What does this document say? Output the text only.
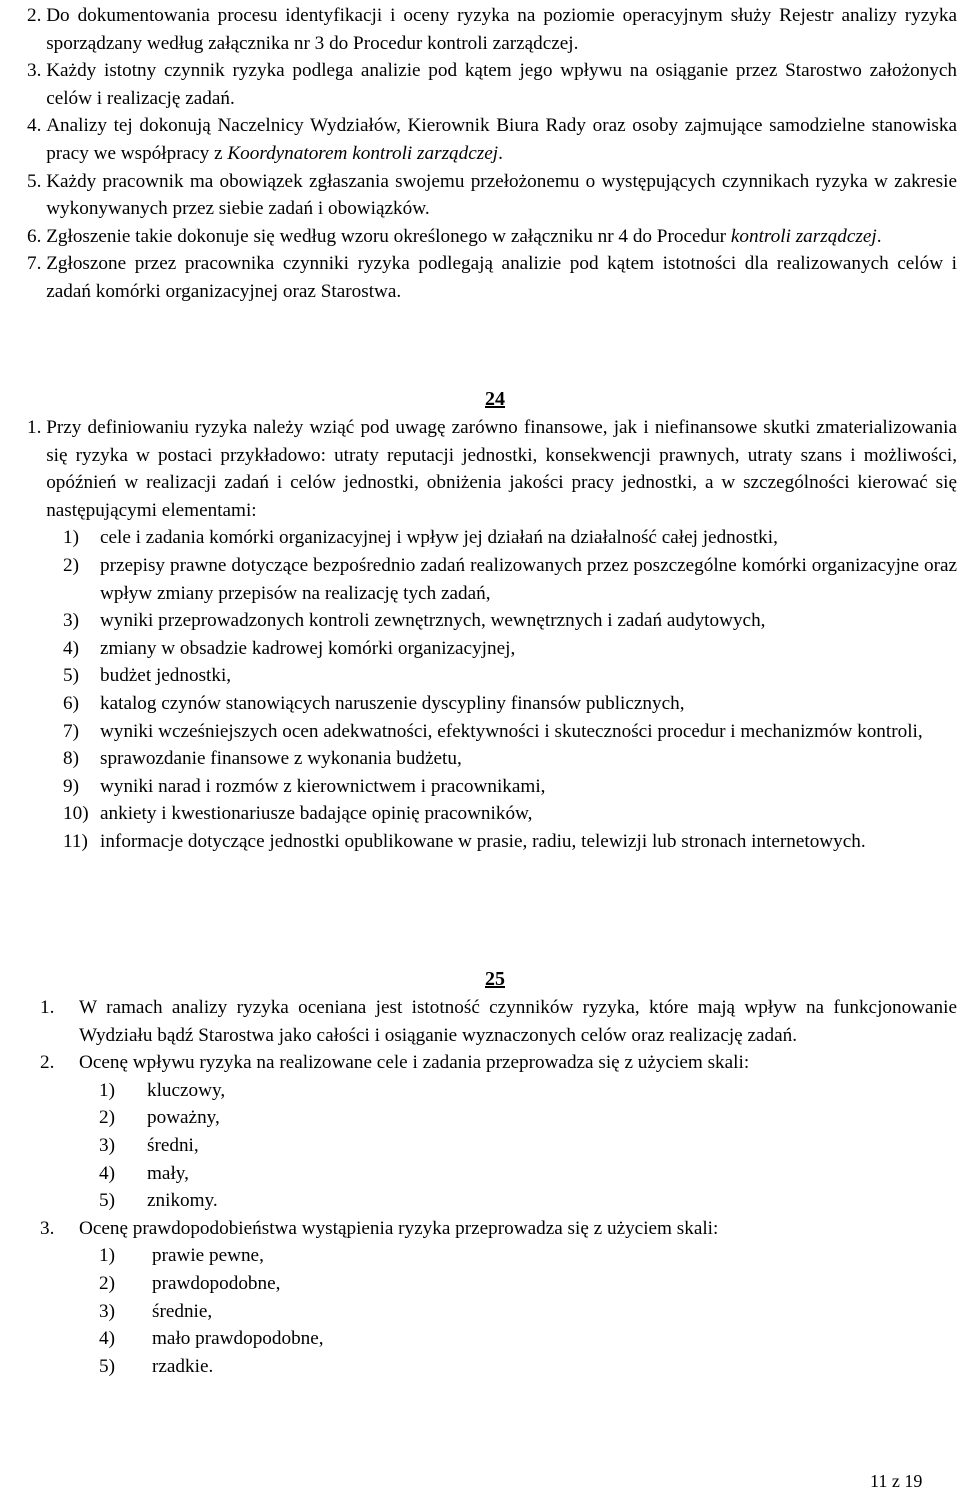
2.
Do dokumentowania procesu identyfikacji i oceny ryzyka na poziomie operacyjnym służy Rejestr analizy ryzyka sporządzany według załącznika nr 3 do Procedur kontroli zarządczej.
3.
Każdy istotny czynnik ryzyka podlega analizie pod kątem jego wpływu na osiąganie przez Starostwo założonych celów i realizację zadań.
4.
Analizy tej dokonują Naczelnicy Wydziałów, Kierownik Biura Rady oraz osoby zajmujące samodzielne stanowiska pracy we współpracy z Koordynatorem kontroli zarządczej.
5.
Każdy pracownik ma obowiązek zgłaszania swojemu przełożonemu o występujących czynnikach ryzyka w zakresie wykonywanych przez siebie zadań i obowiązków.
6.
Zgłoszenie takie dokonuje się według wzoru określonego w załączniku nr 4 do Procedur kontroli zarządczej.
7.
Zgłoszone przez pracownika czynniki ryzyka podlegają analizie pod kątem istotności dla realizowanych celów i zadań komórki organizacyjnej oraz Starostwa.
24
1.
Przy definiowaniu ryzyka należy wziąć pod uwagę zarówno finansowe, jak i niefinansowe skutki zmaterializowania się ryzyka w postaci przykładowo: utraty reputacji jednostki, konsekwencji prawnych, utraty szans i możliwości, opóźnień w realizacji zadań i celów jednostki, obniżenia jakości pracy jednostki, a w szczególności kierować się następującymi elementami:
1)	cele i zadania komórki organizacyjnej i wpływ jej działań na działalność całej jednostki,
2)	przepisy prawne dotyczące bezpośrednio zadań realizowanych przez poszczególne komórki organizacyjne oraz wpływ zmiany przepisów na realizację tych zadań,
3)	wyniki przeprowadzonych kontroli zewnętrznych, wewnętrznych i zadań audytowych,
4)	zmiany w obsadzie kadrowej komórki organizacyjnej,
5)	budżet jednostki,
6)	katalog czynów stanowiących naruszenie dyscypliny finansów publicznych,
7)	wyniki wcześniejszych ocen adekwatności, efektywności i skuteczności procedur i mechanizmów kontroli,
8)	sprawozdanie finansowe z wykonania budżetu,
9)	wyniki narad i rozmów z kierownictwem i pracownikami,
10) ankiety i kwestionariusze badające opinię pracowników,
11) informacje dotyczące jednostki opublikowane w prasie, radiu, telewizji lub stronach internetowych.
25
1.	W ramach analizy ryzyka oceniana jest istotność czynników ryzyka, które mają wpływ na funkcjonowanie Wydziału bądź Starostwa jako całości i osiąganie wyznaczonych celów oraz realizację zadań.
2.	Ocenę wpływu ryzyka na realizowane cele i zadania przeprowadza się z użyciem skali:
1)	kluczowy,
2)	poważny,
3)	średni,
4)	mały,
5)	znikomy.
3.	Ocenę prawdopodobieństwa wystąpienia ryzyka przeprowadza się z użyciem skali:
1)	prawie pewne,
2)	prawdopodobne,
3)	średnie,
4)	mało prawdopodobne,
5)	rzadkie.
11 z 19
